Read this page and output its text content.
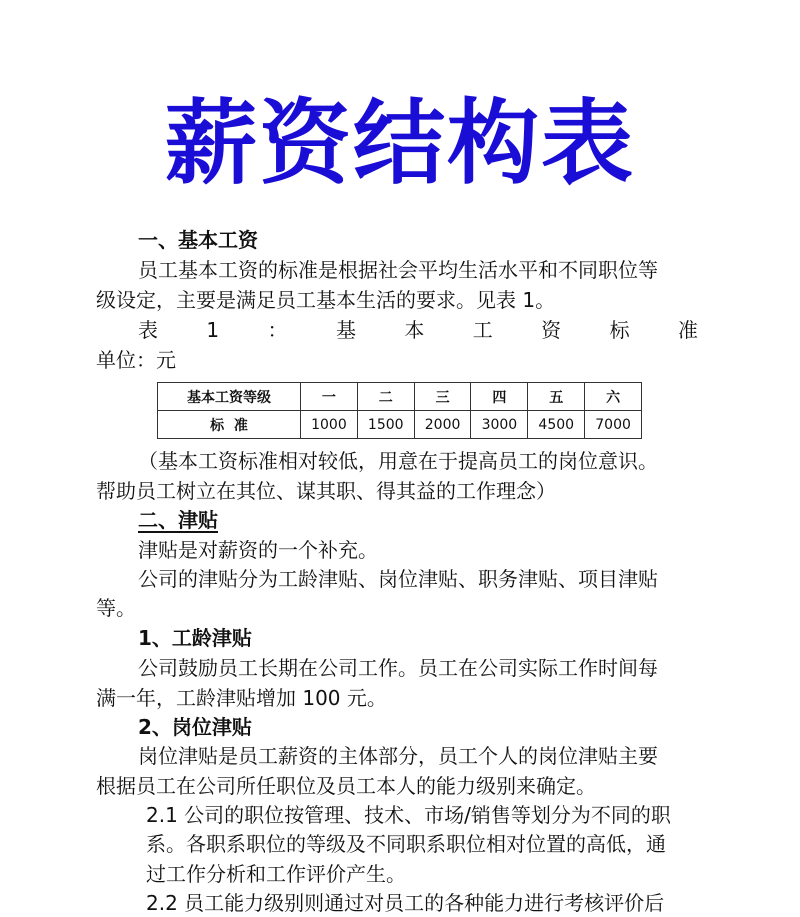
薪资结构表

一、基本工资

员工基本工资的标准是根据社会平均生活水平和不同职位等

级设定，主要是满足员工基本生活的要求。见表 1。

表 1 ： 基 本 工 资 标 准

单位：元

基本工资等级	一	二	三	四	五	六
标  准	1000	1500	2000	3000	4500	7000

（基本工资标准相对较低，用意在于提高员工的岗位意识。

帮助员工树立在其位、谋其职、得其益的工作理念）

二、津贴

津贴是对薪资的一个补充。

公司的津贴分为工龄津贴、岗位津贴、职务津贴、项目津贴

等。

1、工龄津贴

公司鼓励员工长期在公司工作。员工在公司实际工作时间每

满一年，工龄津贴增加 100 元。

2、岗位津贴

岗位津贴是员工薪资的主体部分，员工个人的岗位津贴主要

根据员工在公司所任职位及员工本人的能力级别来确定。

2.1 公司的职位按管理、技术、市场/销售等划分为不同的职

系。各职系职位的等级及不同职系职位相对位置的高低，通

过工作分析和工作评价产生。

2.2 员工能力级别则通过对员工的各种能力进行考核评价后
